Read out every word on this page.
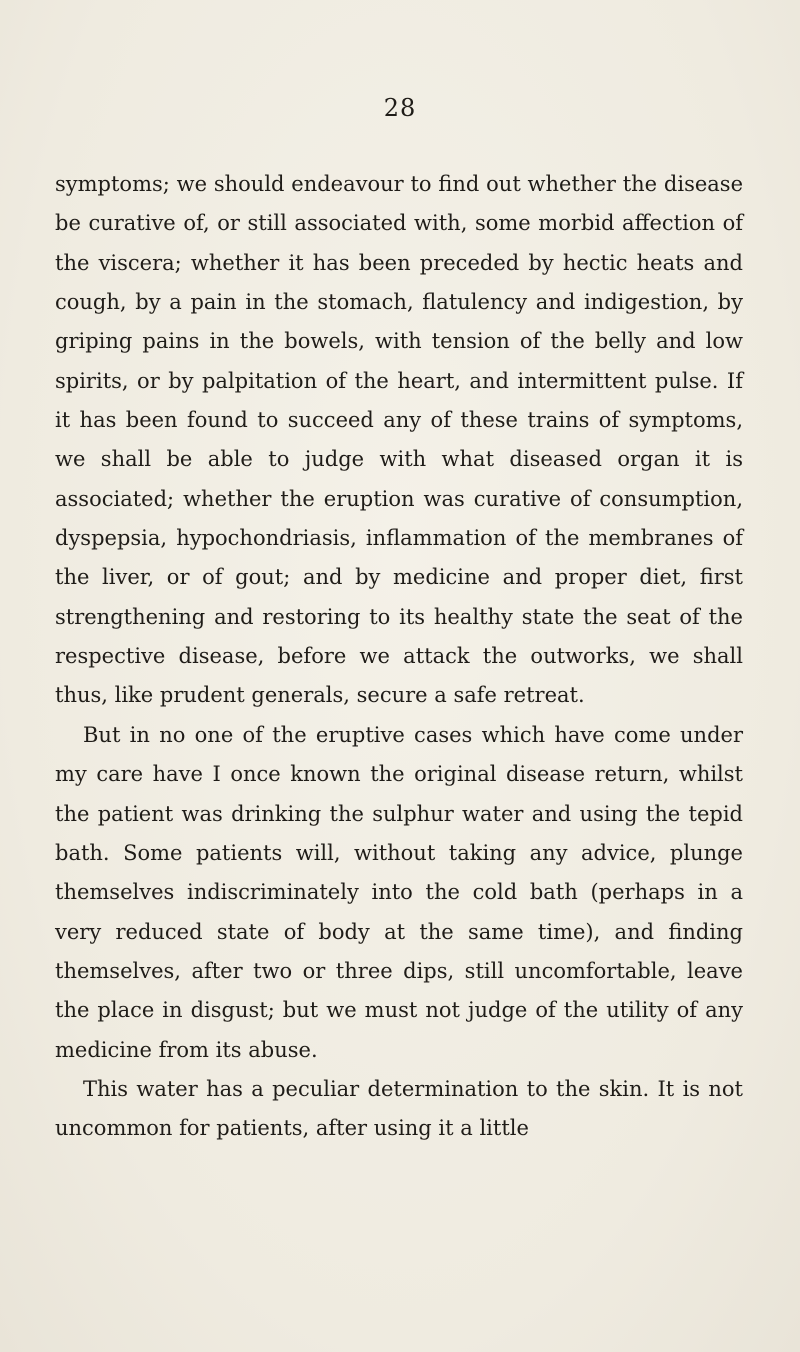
28

symptoms; we should endeavour to find out whether the disease be curative of, or still associated with, some morbid affection of the viscera; whether it has been preceded by hectic heats and cough, by a pain in the stomach, flatulency and indigestion, by griping pains in the bowels, with tension of the belly and low spirits, or by palpitation of the heart, and intermittent pulse. If it has been found to succeed any of these trains of symptoms, we shall be able to judge with what diseased organ it is associated; whether the eruption was curative of consumption, dyspepsia, hypochondriasis, inflammation of the membranes of the liver, or of gout; and by medicine and proper diet, first strengthening and restoring to its healthy state the seat of the respective disease, before we attack the outworks, we shall thus, like prudent generals, secure a safe retreat.

But in no one of the eruptive cases which have come under my care have I once known the original disease return, whilst the patient was drinking the sulphur water and using the tepid bath. Some patients will, without taking any advice, plunge themselves indiscriminately into the cold bath (perhaps in a very reduced state of body at the same time), and finding themselves, after two or three dips, still uncomfortable, leave the place in disgust; but we must not judge of the utility of any medicine from its abuse.

This water has a peculiar determination to the skin. It is not uncommon for patients, after using it a little
